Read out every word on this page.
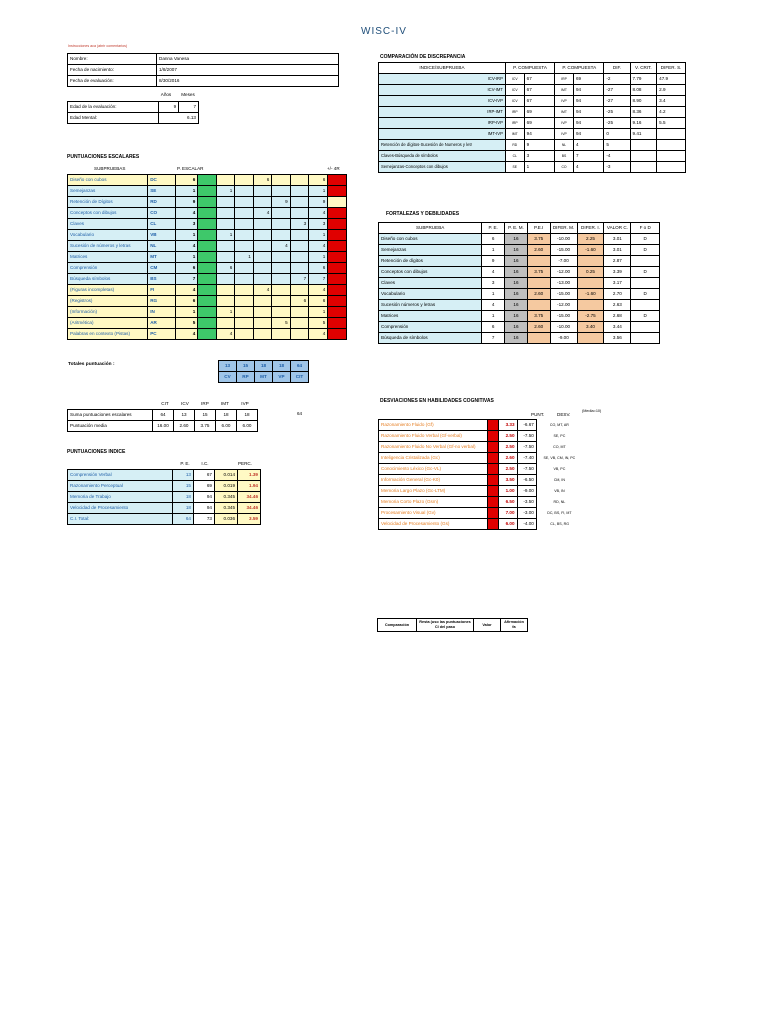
WISC-IV
Instrucciones aca (abrir comentarios)
Nombre:	Danna Vanesa
Fecha de nacimiento:	1/8/2007
Fecha de evaluación:	8/30/2016
Años	Meses
Edad de la evaluación:	9	7
Edad Mental:	6.13	
PUNTUACIONES ESCALARES
SUBPRUEBAS	P. ESCALAR	+/- 4R
Diseño con cubos	DC	6				6			6	
Semejanzas	SE	1		1					1	
Retención de Dígitos	RD	9					9		9	
Conceptos con dibujos	CO	4				4			4	
Claves	CL	3						3	3	
Vocabulario	VB	1		1					1	
Sucesión de números y letras	NL	4					4		4	
Matrices	MT	1			1				1	
Comprensión	CM	6		6					6	
Búsqueda símbolos	BS	7						7	7	
(Figuras incompletas)	FI	4				4			4	
(Registros)	RG	6						6	6	
(Información)	IN	1		1					1	
(Aritmética)	AR	5					5		5	
Palabras en contexto (Pistas)	PC	4		4					4	
Totales puntuación :	13	15	18	18	64
CV	RP	MT	VP	CIT
CIT	ICV	IRP	IMT	IVP
Suma puntuaciones escalares	64	13	15	18	18
Puntuación media	16.00	2.60	3.75	6.00	6.00
64
PUNTUACIONES INDICE
P. E.	I.C.		PERC.
Comprensión Verbal	13	67	0.014	1.39
Razonamiento Perceptual	15	69	0.019	1.94
Memoria de Trabajo	18	94	0.345	34.46
Velocidad de Procesamiento	18	94	0.345	34.46
C.I. Total:	64	73	0.036	3.59
COMPARACIÓN DE DISCREPANCIA
INDICE/SUBPRUEBA	P. COMPUESTA		P. COMPUESTA		DIF.	V. CRIT.	DIFER. S.
ICV-IRP	ICV	67	IRP	69	-2	7.79	47.9
ICV-IMT	ICV	67	IMT	94	-27	8.08	2.9
ICV-IVP	ICV	67	IVP	94	-27	8.90	3.4
IRP-IMT	IRP	69	IMT	94	-25	8.36	4.2
IRP-IVP	IRP	69	IVP	94	-25	9.16	5.5
IMT-IVP	IMT	94	IVP	94	0	9.41	
Retención de dígitos-Sucesión de Numeros y letr	RD	9	NL	4	5		
Claves-Búsqueda de símbolos	CL	3	BS	7	-4		
Semejanzas-Conceptos con dibujos	SE	1	CO	4	-3		
FORTALEZAS Y DEBILIDADES
SUBPRUEBA	P. E.	P. E. M.	P.E.I	DIFER. M.	DIFER. I.	VALOR C.	F o D
Diseño con cubos	6	16	3.75	-10.00	2.25	3.01	D
Semejanzas	1	16	2.60	-15.00	-1.60	3.01	D
Retención de dígitos	9	16		-7.00		2.87	
Conceptos con dibujos	4	16	3.75	-12.00	0.25	3.39	D
Claves	3	16		-13.00		3.17	
Vocabulario	1	16	2.60	-15.00	-1.60	2.70	D
Sucesión números y letras	4	16		-12.00		2.63	
Matrices	1	16	3.75	-15.00	-2.75	2.68	D
Comprensión	6	16	2.60	-10.00	3.40	3.44	
Búsqueda de símbolos	7	16		-9.00		3.56	
DESVIACIONES EN HABILIDADES COGNITIVAS
PUNT.	DESV.
(Media=10)
Razonamiento Fluido (Gf)		3.33	-6.67	CO, MT, AR
Razonamiento Fluido Verbal (Gf-verbal)		2.50	-7.50	SE, PC
Razonamiento Fluido No Verbal (Gf-no verbal)		2.50	-7.50	CO, MT
Inteligencia Cristalizada (Gc)		2.60	-7.40	SE, VB, CM, IN, PC
Conocimiento Léxico (Gc-VL)		2.50	-7.50	VB, PC
Información General (Gc-K0)		3.50	-6.50	CM, IN
Memoria Largo Plazo (Gc-LTM)		1.00	-9.00	VB, IN
Memoria Corto Plazo (Gsm)		6.50	-3.50	RD, NL
Procesamiento Visual (Gv)		7.00	-3.00	DC, BS, FI, MT
Velocidad de Procesamiento (Gs)		6.00	-4.00	CL, BS, RG
Comparación	Resta (uso las puntuaciones CI del paso	Valor	Afirmación fa
